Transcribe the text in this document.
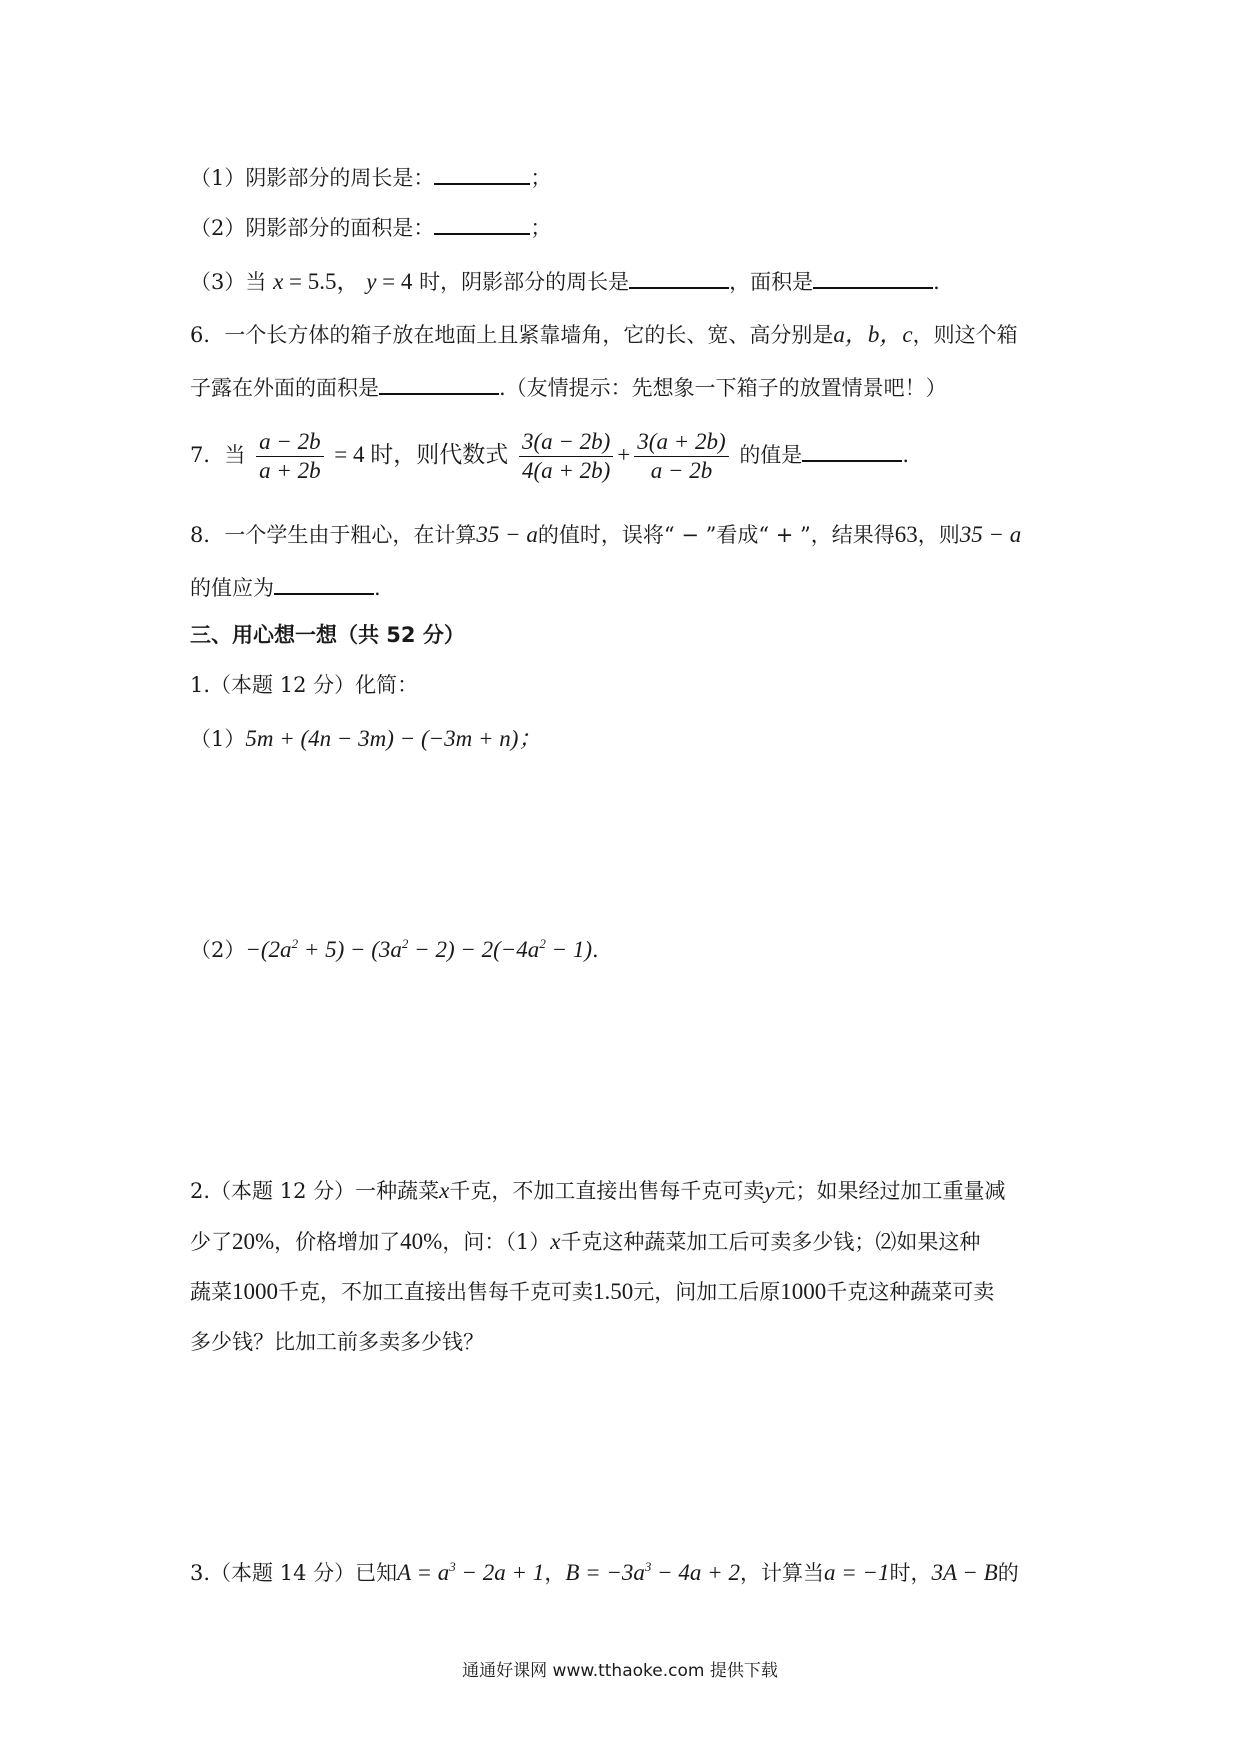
（1）阴影部分的周长是：	；
（2）阴影部分的面积是：	；
（3）当 x = 5.5， y = 4 时，阴影部分的周长是	，面积是	.
6．一个长方体的箱子放在地面上且紧靠墙角，它的长、宽、高分别是a，b，c，则这个箱
子露在外面的面积是	.（友情提示：先想象一下箱子的放置情景吧！）
7．当 $\frac{a - 2b}{a + 2b} = 4$ 时，则代数式 $\frac{3(a - 2b)}{4(a + 2b)} + \frac{3(a + 2b)}{a - 2b}$ 的值是	.
8．一个学生由于粗心，在计算35 − a的值时，误将“ − ”看成“ + ”，结果得63，则35 − a
的值应为	.
三、用心想一想（共 52 分）
1.（本题 12 分）化简：
（1）5m + (4n − 3m) − (−3m + n)；
$(2)-(2a^2 + 5) - (3a^2 - 2) - 2(-4a^2 - 1)$.
2.（本题 12 分）一种蔬菜x千克，不加工直接出售每千克可卖y元；如果经过加工重量减
少了20%，价格增加了40%，问：（1）x千克这种蔬菜加工后可卖多少钱；⑵如果这种
蔬菜1000千克，不加工直接出售每千克可卖1.50元，问加工后原1000千克这种蔬菜可卖
多少钱？比加工前多卖多少钱？
3.（本题 14 分）已知$A = a^3 - 2a + 1$，$B = -3a^3 - 4a + 2$，计算当a = −1时，3A − B的
通通好课网 www.tthaoke.com 提供下载
